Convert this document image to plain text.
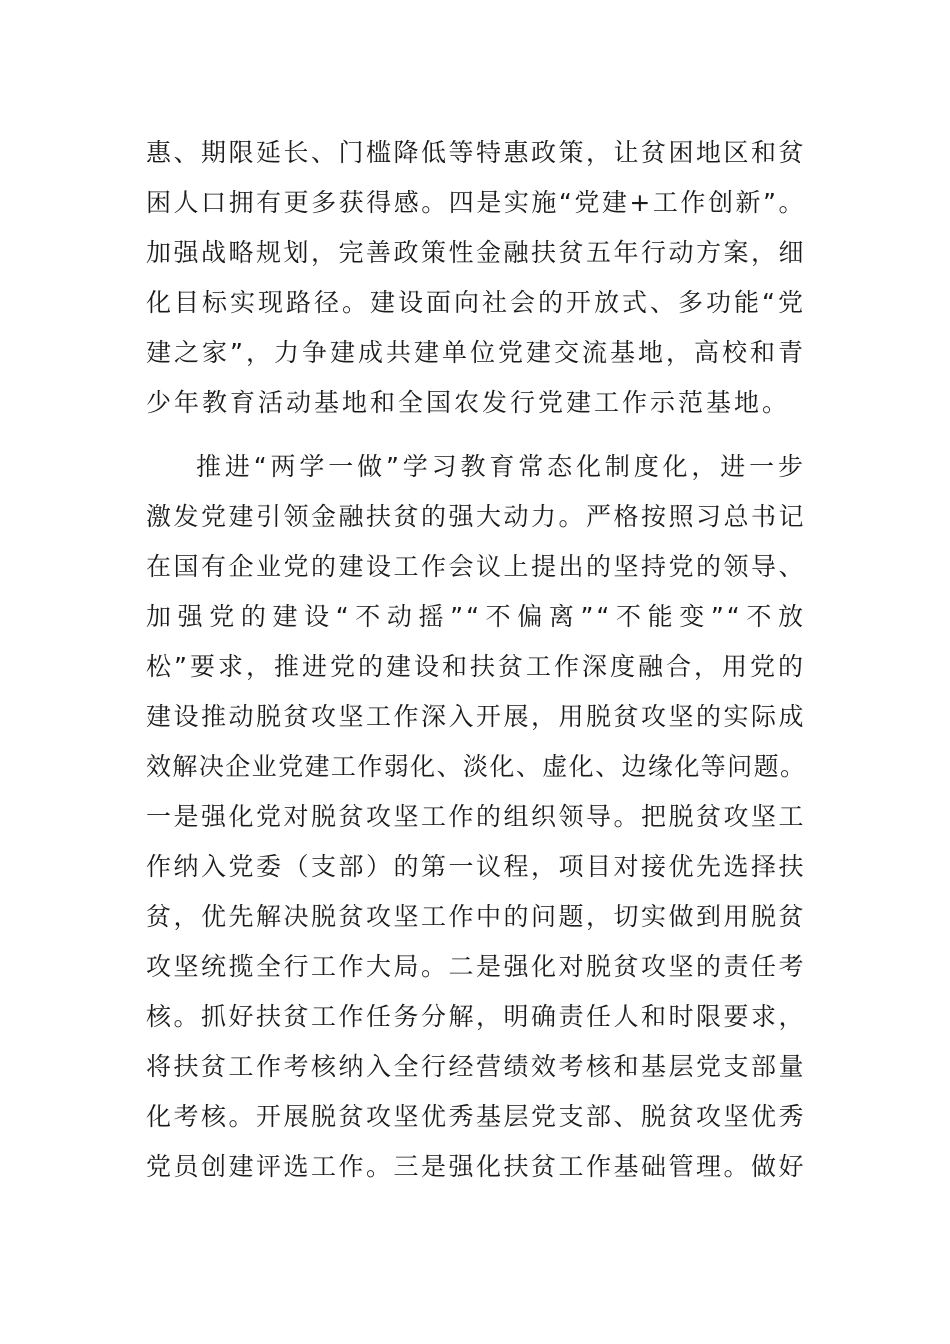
惠、期限延长、门槛降低等特惠政策，让贫困地区和贫

困人口拥有更多获得感。四是实施“党建+工作创新”。

加强战略规划，完善政策性金融扶贫五年行动方案，细

化目标实现路径。建设面向社会的开放式、多功能“党

建之家”，力争建成共建单位党建交流基地，高校和青

少年教育活动基地和全国农发行党建工作示范基地。

推进“两学一做”学习教育常态化制度化，进一步

激发党建引领金融扶贫的强大动力。严格按照习总书记

在国有企业党的建设工作会议上提出的坚持党的领导、

加强党的建设“不动摇”“不偏离”“不能变”“不放

松”要求，推进党的建设和扶贫工作深度融合，用党的

建设推动脱贫攻坚工作深入开展，用脱贫攻坚的实际成

效解决企业党建工作弱化、淡化、虚化、边缘化等问题。

一是强化党对脱贫攻坚工作的组织领导。把脱贫攻坚工

作纳入党委（支部）的第一议程，项目对接优先选择扶

贫，优先解决脱贫攻坚工作中的问题，切实做到用脱贫

攻坚统揽全行工作大局。二是强化对脱贫攻坚的责任考

核。抓好扶贫工作任务分解，明确责任人和时限要求，

将扶贫工作考核纳入全行经营绩效考核和基层党支部量

化考核。开展脱贫攻坚优秀基层党支部、脱贫攻坚优秀

党员创建评选工作。三是强化扶贫工作基础管理。做好
